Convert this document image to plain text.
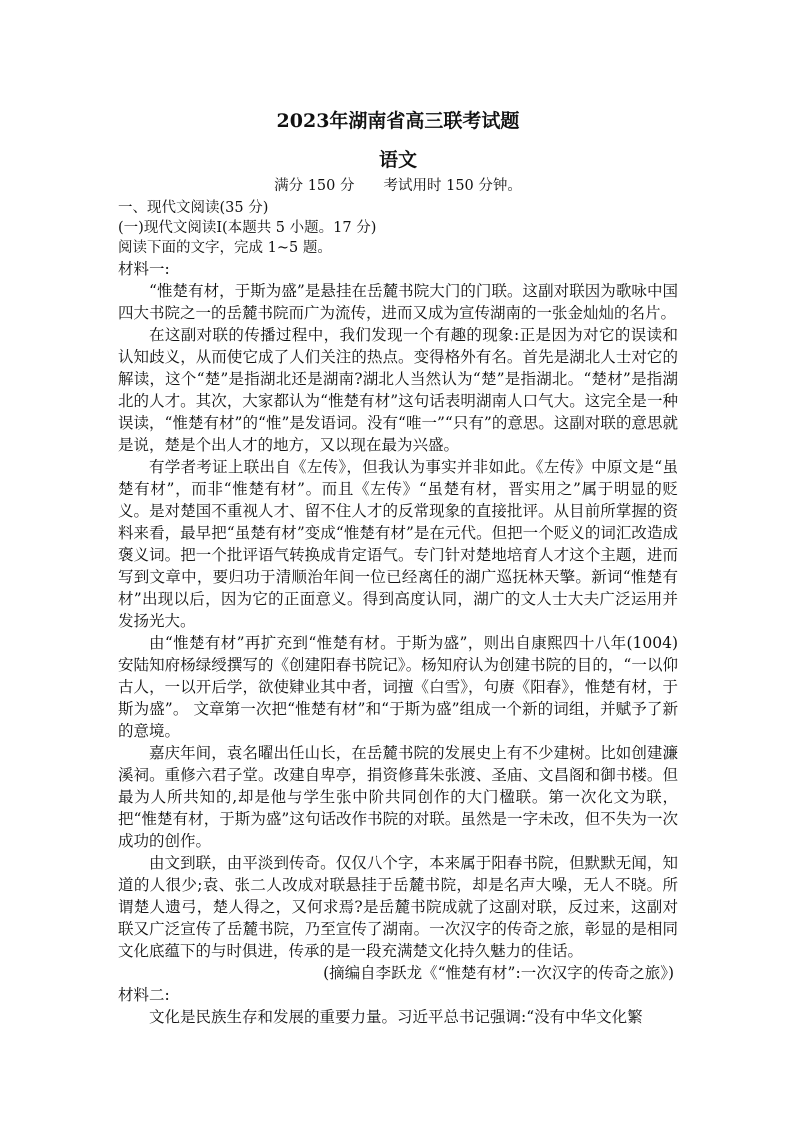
2023年湖南省高三联考试题

语文

满分 150 分　　考试用时 150 分钟。

一、现代文阅读(35 分)

(一)现代文阅读Ⅰ(本题共 5 小题。17 分)

阅读下面的文字，完成 1~5 题。

材料一:

“惟楚有材，于斯为盛”是悬挂在岳麓书院大门的门联。这副对联因为歌咏中国四大书院之一的岳麓书院而广为流传，进而又成为宣传湖南的一张金灿灿的名片。

在这副对联的传播过程中，我们发现一个有趣的现象:正是因为对它的误读和认知歧义，从而使它成了人们关注的热点。变得格外有名。首先是湖北人士对它的解读，这个“楚”是指湖北还是湖南?湖北人当然认为“楚”是指湖北。“楚材”是指湖北的人才。其次，大家都认为“惟楚有材”这句话表明湖南人口气大。这完全是一种误读，“惟楚有材”的“惟”是发语词。没有“唯一”“只有”的意思。这副对联的意思就是说，楚是个出人才的地方，又以现在最为兴盛。

有学者考证上联出自《左传》，但我认为事实并非如此。《左传》中原文是“虽楚有材”，而非“惟楚有材”。而且《左传》“虽楚有材，晋实用之”属于明显的贬义。是对楚国不重视人才、留不住人才的反常现象的直接批评。从目前所掌握的资料来看，最早把“虽楚有材”变成“惟楚有材”是在元代。但把一个贬义的词汇改造成褒义词。把一个批评语气转换成肯定语气。专门针对楚地培育人才这个主题，进而写到文章中，要归功于清顺治年间一位已经离任的湖广巡抚林天擎。新词“惟楚有材”出现以后，因为它的正面意义。得到高度认同，湖广的文人士大夫广泛运用并发扬光大。

由“惟楚有材”再扩充到“惟楚有材。于斯为盛”，则出自康熙四十八年(1004)安陆知府杨绿绶撰写的《创建阳春书院记》。杨知府认为创建书院的目的，“一以仰古人，一以开后学，欲使肄业其中者，词擅《白雪》，句赓《阳春》，惟楚有材，于斯为盛”。 文章第一次把“惟楚有材”和“于斯为盛”组成一个新的词组，并赋予了新的意境。

嘉庆年间，袁名曜出任山长，在岳麓书院的发展史上有不少建树。比如创建濂溪祠。重修六君子堂。改建自卑亭，捐资修葺朱张渡、圣庙、文昌阁和御书楼。但最为人所共知的,却是他与学生张中阶共同创作的大门楹联。第一次化文为联，把“惟楚有材，于斯为盛”这句话改作书院的对联。虽然是一字未改，但不失为一次成功的创作。

由文到联，由平淡到传奇。仅仅八个字，本来属于阳春书院，但默默无闻，知道的人很少;袁、张二人改成对联悬挂于岳麓书院，却是名声大噪，无人不晓。所谓楚人遗弓，楚人得之，又何求焉?是岳麓书院成就了这副对联，反过来，这副对联又广泛宣传了岳麓书院，乃至宣传了湖南。一次汉字的传奇之旅，彰显的是相同文化底蕴下的与时俱进，传承的是一段充满楚文化持久魅力的佳话。

(摘编自李跃龙《“惟楚有材”:一次汉字的传奇之旅》)

材料二:

文化是民族生存和发展的重要力量。习近平总书记强调:“没有中华文化繁
